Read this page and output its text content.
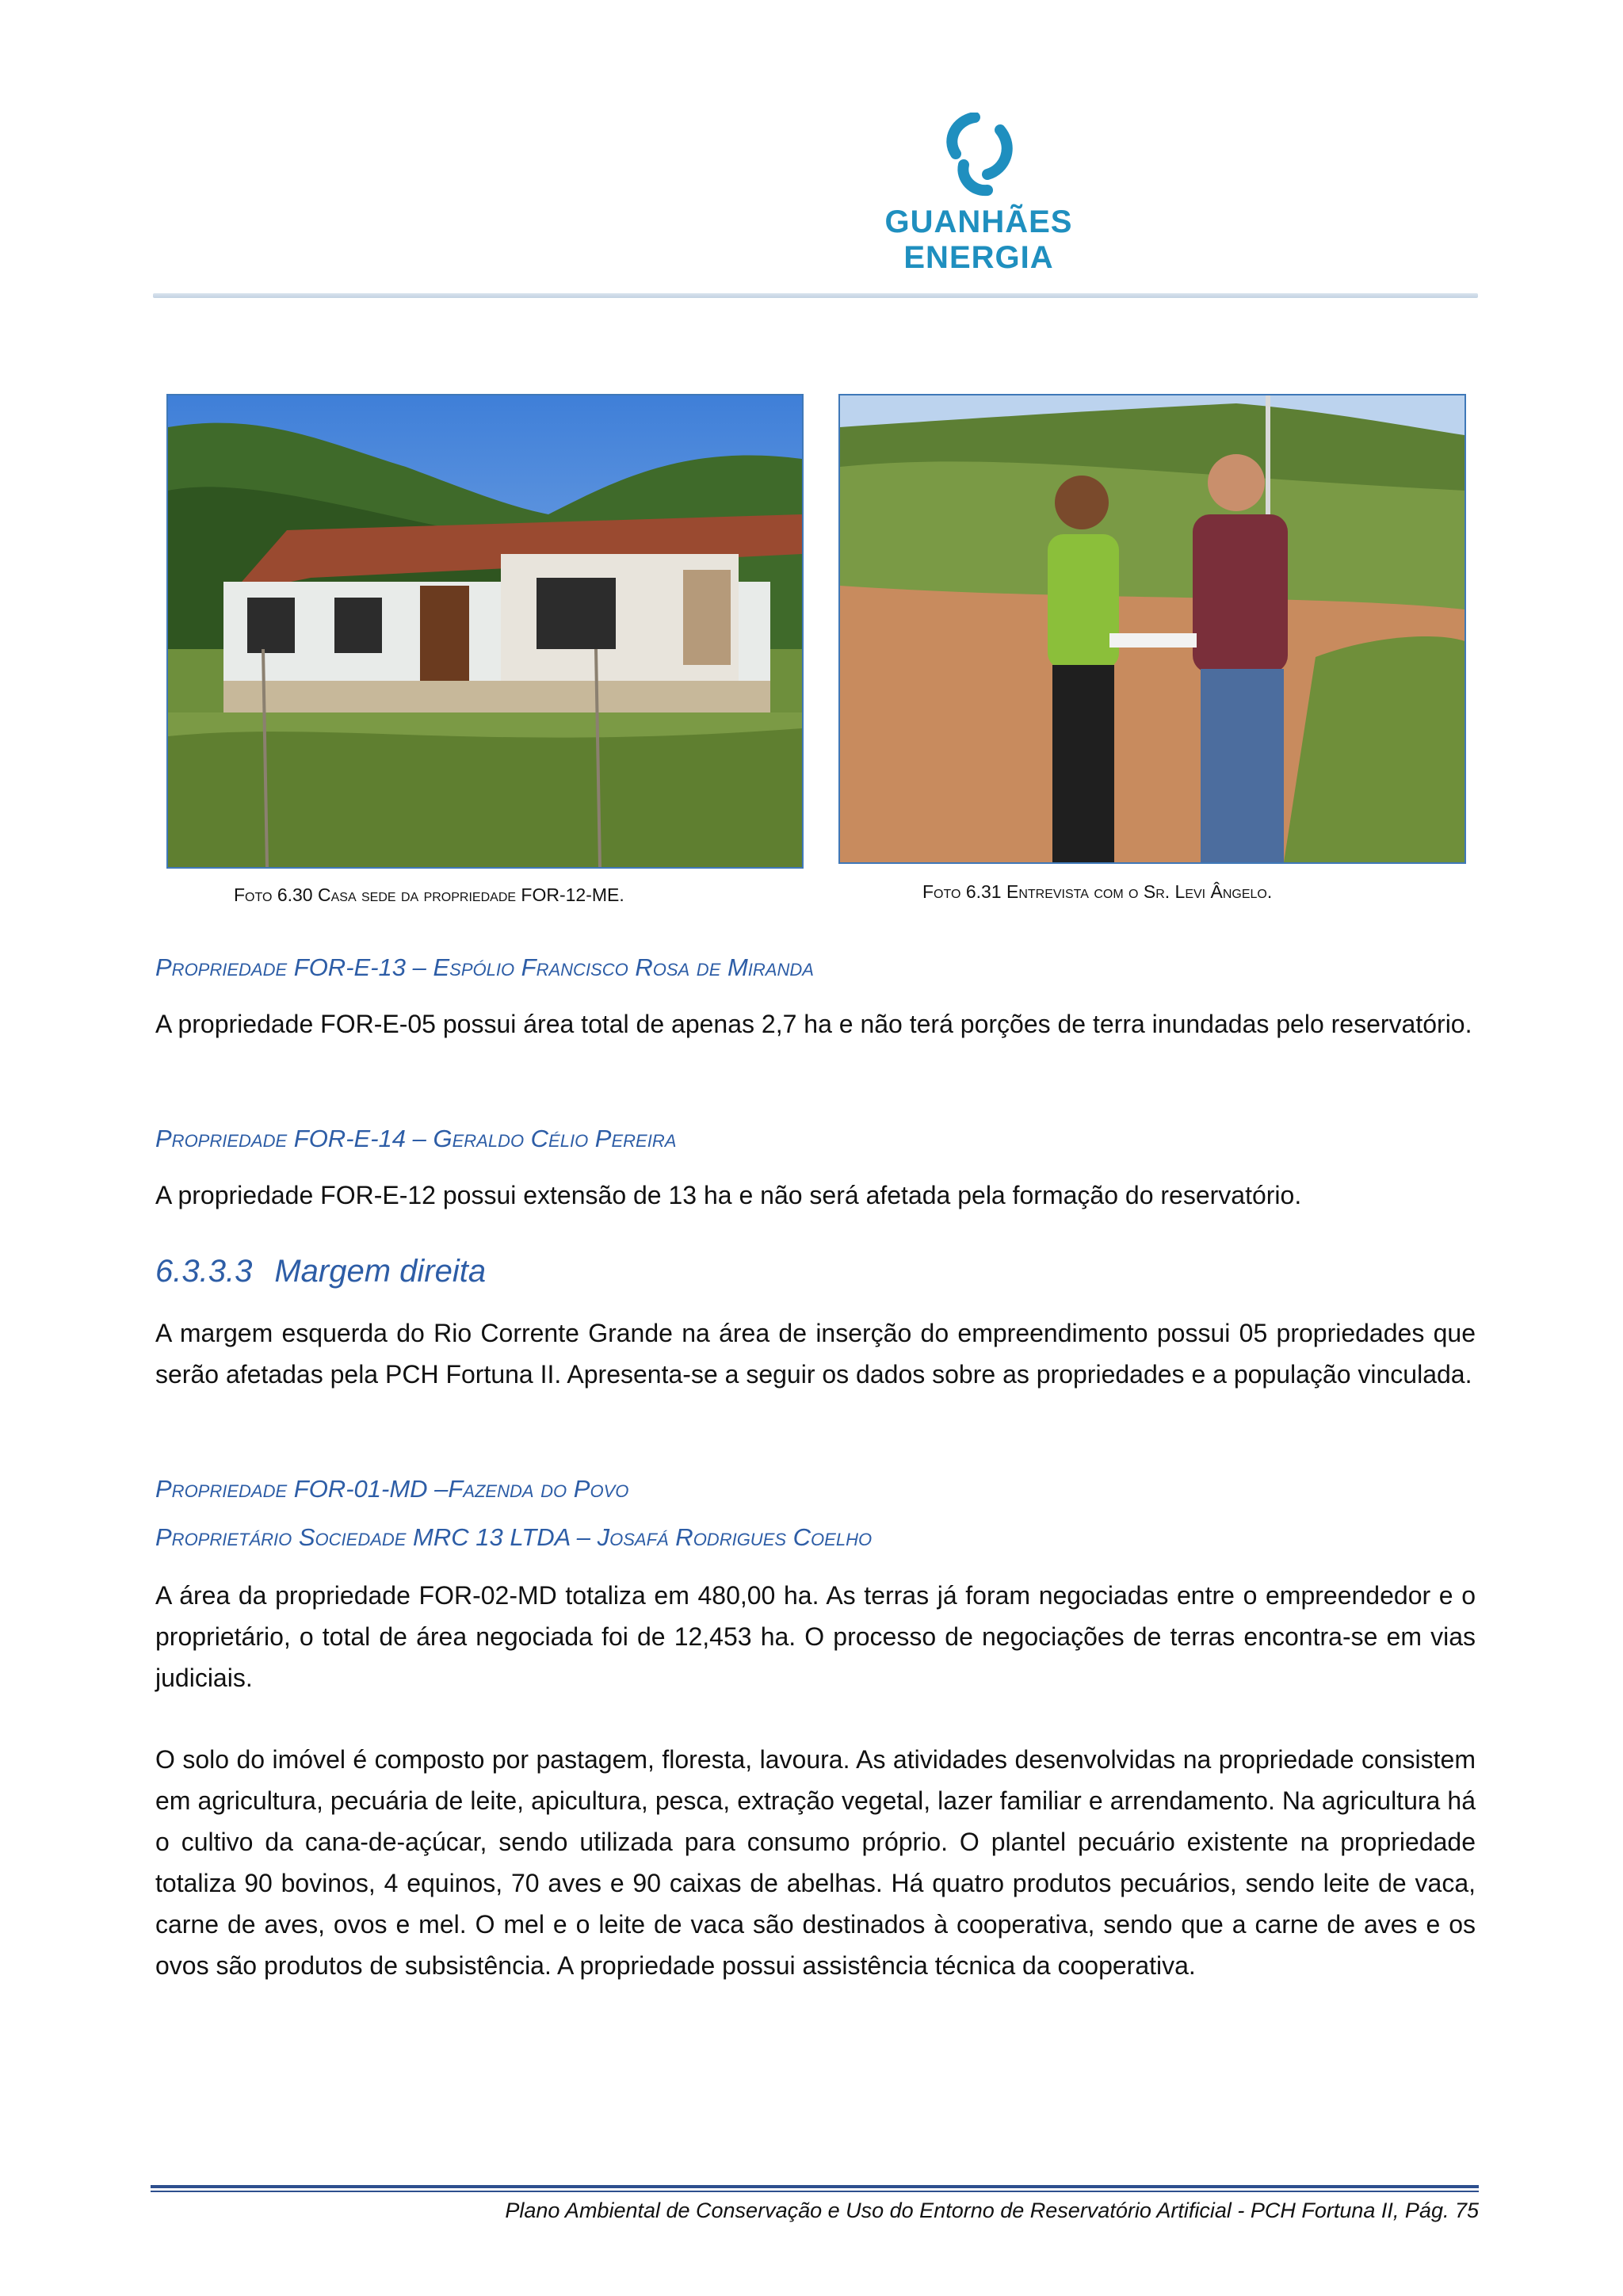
GUANHÃES ENERGIA
Foto 6.30 Casa sede da propriedade FOR-12-ME.	Foto 6.31 Entrevista com o Sr. Levi Ângelo.
Propriedade FOR-E-13 – Espólio Francisco Rosa de Miranda

A propriedade FOR-E-05 possui área total de apenas 2,7 ha e não terá porções de terra inundadas pelo reservatório.

Propriedade FOR-E-14 – Geraldo Célio Pereira

A propriedade FOR-E-12 possui extensão de 13 ha e não será afetada pela formação do reservatório.

6.3.3.3 Margem direita

A margem esquerda do Rio Corrente Grande na área de inserção do empreendimento possui 05 propriedades que serão afetadas pela PCH Fortuna II. Apresenta-se a seguir os dados sobre as propriedades e a população vinculada.

Propriedade FOR-01-MD –Fazenda do Povo
Proprietário Sociedade MRC 13 LTDA – Josafá Rodrigues Coelho

A área da propriedade FOR-02-MD totaliza em 480,00 ha. As terras já foram negociadas entre o empreendedor e o proprietário, o total de área negociada foi de 12,453 ha. O processo de negociações de terras encontra-se em vias judiciais.

O solo do imóvel é composto por pastagem, floresta, lavoura. As atividades desenvolvidas na propriedade consistem em agricultura, pecuária de leite, apicultura, pesca, extração vegetal, lazer familiar e arrendamento. Na agricultura há o cultivo da cana-de-açúcar, sendo utilizada para consumo próprio. O plantel pecuário existente na propriedade totaliza 90 bovinos, 4 equinos, 70 aves e 90 caixas de abelhas. Há quatro produtos pecuários, sendo leite de vaca, carne de aves, ovos e mel. O mel e o leite de vaca são destinados à cooperativa, sendo que a carne de aves e os ovos são produtos de subsistência. A propriedade possui assistência técnica da cooperativa.

Plano Ambiental de Conservação e Uso do Entorno de Reservatório Artificial - PCH Fortuna II, Pág. 75
